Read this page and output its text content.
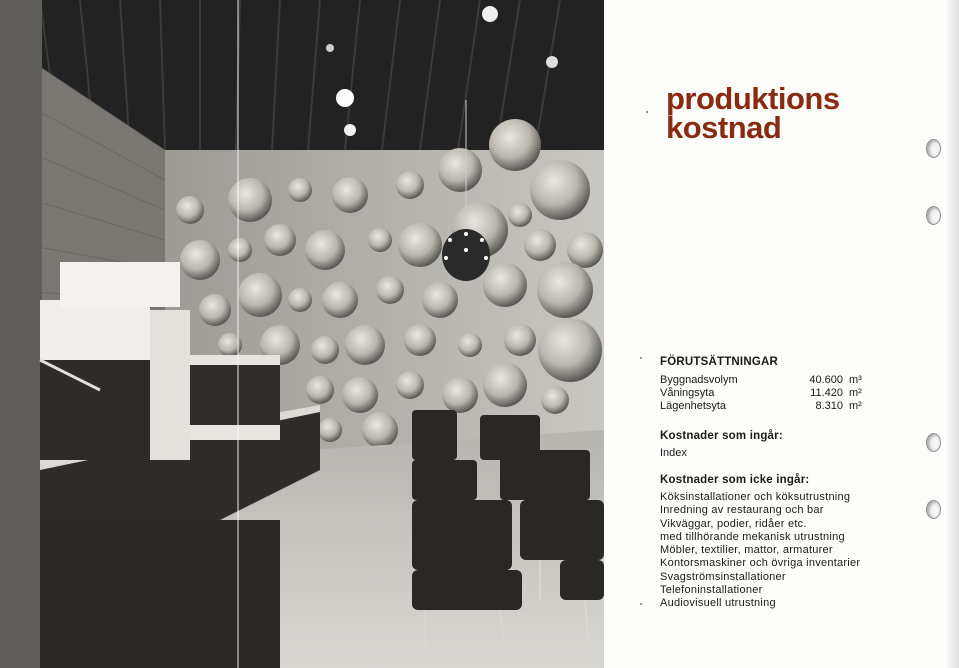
produktions
kostnad
FÖRUTSÄTTNINGAR
Byggnadsvolym	40.600 m³
Våningsyta	11.420 m²
Lägenhetsyta	8.310 m²
Kostnader som ingår:

Index

Kostnader som icke ingår:
Köksinstallationer och köksutrustning
Inredning av restaurang och bar
Vikväggar, podier, ridåer etc.
med tillhörande mekanisk utrustning
Möbler, textilier, mattor, armaturer
Kontorsmaskiner och övriga inventarier
Svagströmsinstallationer
Telefoninstallationer
Audiovisuell utrustning
